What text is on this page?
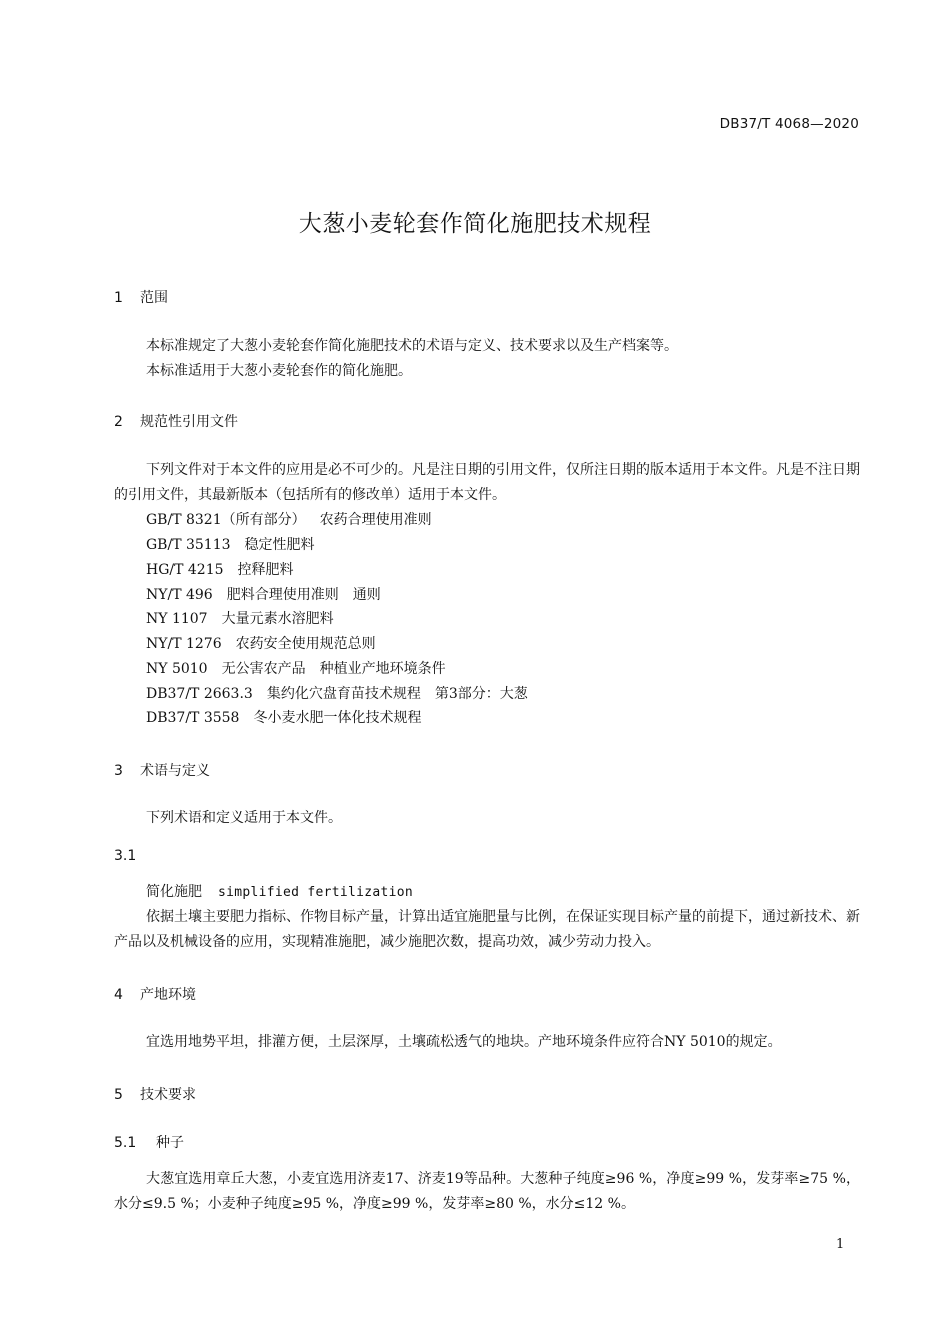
DB37/T 4068—2020
大葱小麦轮套作简化施肥技术规程
1 范围
本标准规定了大葱小麦轮套作简化施肥技术的术语与定义、技术要求以及生产档案等。
本标准适用于大葱小麦轮套作的简化施肥。
2 规范性引用文件
下列文件对于本文件的应用是必不可少的。凡是注日期的引用文件，仅所注日期的版本适用于本文件。凡是不注日期的引用文件，其最新版本（包括所有的修改单）适用于本文件。
GB/T 8321（所有部分） 农药合理使用准则
GB/T 35113 稳定性肥料
HG/T 4215 控释肥料
NY/T 496 肥料合理使用准则　通则
NY 1107 大量元素水溶肥料
NY/T 1276 农药安全使用规范总则
NY 5010 无公害农产品　种植业产地环境条件
DB37/T 2663.3 集约化穴盘育苗技术规程　第3部分：大葱
DB37/T 3558 冬小麦水肥一体化技术规程
3 术语与定义
下列术语和定义适用于本文件。
3.1
简化施肥 simplified fertilization
依据土壤主要肥力指标、作物目标产量，计算出适宜施肥量与比例，在保证实现目标产量的前提下，通过新技术、新产品以及机械设备的应用，实现精准施肥，减少施肥次数，提高功效，减少劳动力投入。
4 产地环境
宜选用地势平坦，排灌方便，土层深厚，土壤疏松透气的地块。产地环境条件应符合NY 5010的规定。
5 技术要求
5.1 种子
大葱宜选用章丘大葱，小麦宜选用济麦17、济麦19等品种。大葱种子纯度≥96 %，净度≥99 %，发芽率≥75 %，水分≤9.5 %；小麦种子纯度≥95 %，净度≥99 %，发芽率≥80 %，水分≤12 %。
1
